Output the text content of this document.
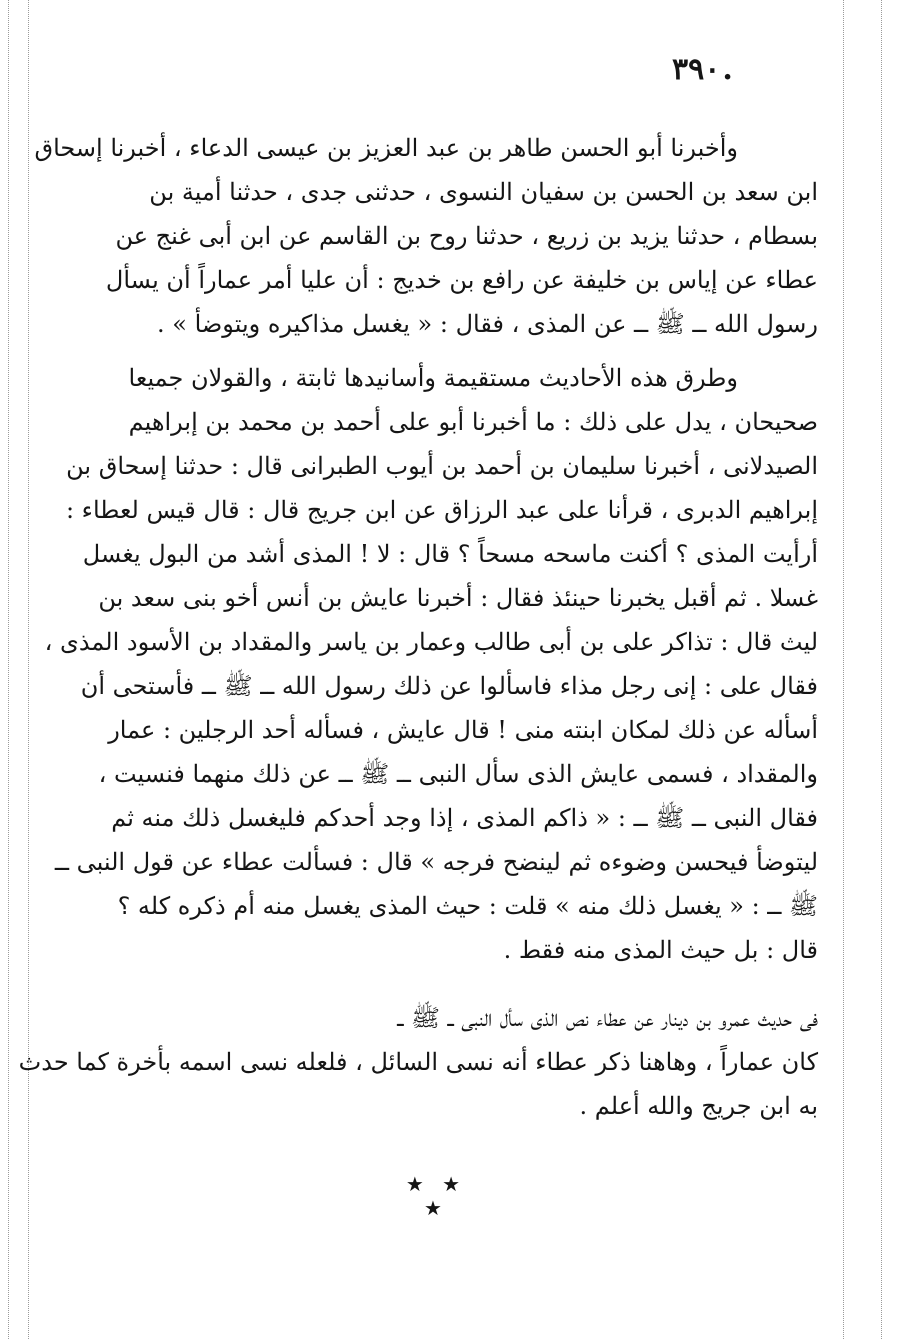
٣٩٠.
وأخبرنا أبو الحسن طاهر بن عبد العزيز بن عيسى الدعاء ، أخبرنا إسحاق
ابن سعد بن الحسن بن سفيان النسوى ، حدثنى جدى ، حدثنا أمية بن
بسطام ، حدثنا يزيد بن زريع ، حدثنا روح بن القاسم عن ابن أبى غنج عن
عطاء عن إياس بن خليفة عن رافع بن خديج : أن عليا أمر عماراً أن يسأل
رسول الله ــ ﷺ ــ عن المذى ، فقال : « يغسل مذاكيره ويتوضأ » .
وطرق هذه الأحاديث مستقيمة وأسانيدها ثابتة ، والقولان جميعا
صحيحان ، يدل على ذلك : ما أخبرنا أبو على أحمد بن محمد بن إبراهيم
الصيدلانى ، أخبرنا سليمان بن أحمد بن أيوب الطبرانى قال : حدثنا إسحاق بن
إبراهيم الدبرى ، قرأنا على عبد الرزاق عن ابن جريج قال : قال قيس لعطاء :
أرأيت المذى ؟ أكنت ماسحه مسحاً ؟ قال : لا ! المذى أشد من البول يغسل
غسلا . ثم أقبل يخبرنا حينئذ فقال : أخبرنا عايش بن أنس أخو بنى سعد بن
ليث قال : تذاكر على بن أبى طالب وعمار بن ياسر والمقداد بن الأسود المذى ،
فقال على : إنى رجل مذاء فاسألوا عن ذلك رسول الله ــ ﷺ ــ فأستحى أن
أسأله عن ذلك لمكان ابنته منى ! قال عايش ، فسأله أحد الرجلين : عمار
والمقداد ، فسمى عايش الذى سأل النبى ــ ﷺ ــ عن ذلك منهما فنسيت ،
فقال النبى ــ ﷺ ــ : « ذاكم المذى ، إذا وجد أحدكم فليغسل ذلك منه ثم
ليتوضأ فيحسن وضوءه ثم لينضح فرجه » قال : فسألت عطاء عن قول النبى ــ
ﷺ ــ : « يغسل ذلك منه » قلت : حيث المذى يغسل منه أم ذكره كله ؟
قال : بل حيث المذى منه فقط .
فى حديث عمرو بن دينار عن عطاء نص الذى سأل النبى ــ ﷺ ــ
كان عماراً ، وهاهنا ذكر عطاء أنه نسى السائل ، فلعله نسى اسمه بأخرة كما حدث
به ابن جريج والله أعلم .
★ ★ ★
